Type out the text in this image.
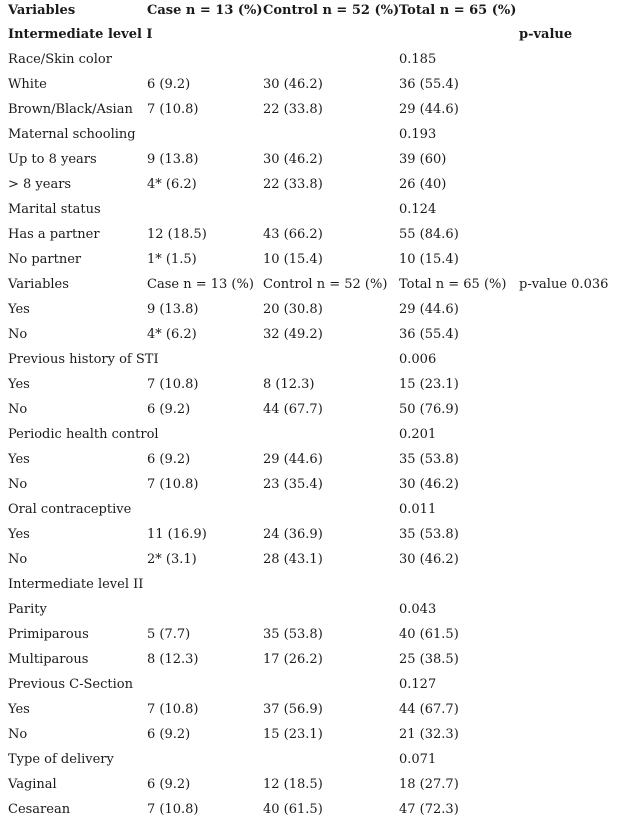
Variables	Case n = 13 (%)	Control n = 52 (%)	Total n = 65 (%)	
Intermediate level I				p-value
Race/Skin color			0.185	
White	6 (9.2)	30 (46.2)	36 (55.4)	
Brown/Black/Asian	7 (10.8)	22 (33.8)	29 (44.6)	
Maternal schooling			0.193	
Up to 8 years	9 (13.8)	30 (46.2)	39 (60)	
> 8 years	4* (6.2)	22 (33.8)	26 (40)	
Marital status			0.124	
Has a partner	12 (18.5)	43 (66.2)	55 (84.6)	
No partner	1* (1.5)	10 (15.4)	10 (15.4)	
Variables	Case n = 13 (%)	Control n = 52 (%)	Total n = 65 (%)	p-value 0.036
Yes	9 (13.8)	20 (30.8)	29 (44.6)	
No	4* (6.2)	32 (49.2)	36 (55.4)	
Previous history of STI			0.006	
Yes	7 (10.8)	8 (12.3)	15 (23.1)	
No	6 (9.2)	44 (67.7)	50 (76.9)	
Periodic health control			0.201	
Yes	6 (9.2)	29 (44.6)	35 (53.8)	
No	7 (10.8)	23 (35.4)	30 (46.2)	
Oral contraceptive			0.011	
Yes	11 (16.9)	24 (36.9)	35 (53.8)	
No	2* (3.1)	28 (43.1)	30 (46.2)	
Intermediate level II				
Parity			0.043	
Primiparous	5 (7.7)	35 (53.8)	40 (61.5)	
Multiparous	8 (12.3)	17 (26.2)	25 (38.5)	
Previous C-Section			0.127	
Yes	7 (10.8)	37 (56.9)	44 (67.7)	
No	6 (9.2)	15 (23.1)	21 (32.3)	
Type of delivery			0.071	
Vaginal	6 (9.2)	12 (18.5)	18 (27.7)	
Cesarean	7 (10.8)	40 (61.5)	47 (72.3)	
